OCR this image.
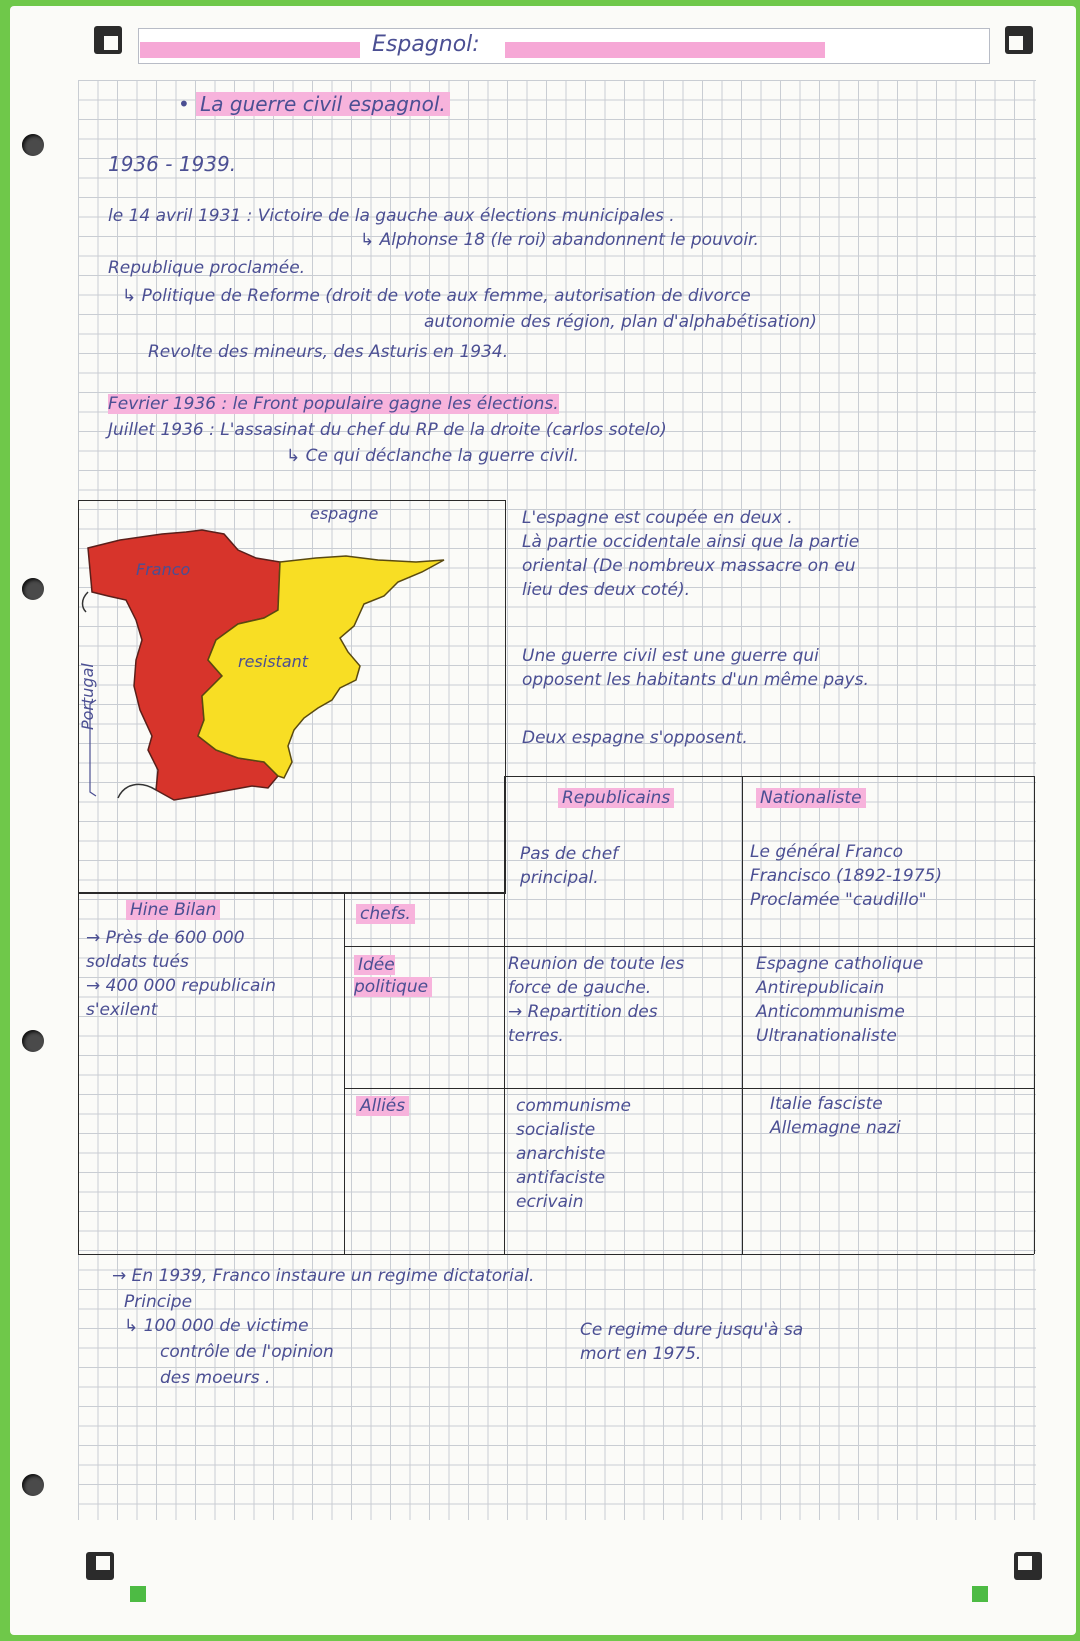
Espagnol:
• La guerre civil espagnol.
1936 - 1939.
le 14 avril 1931 : Victoire de la gauche aux élections municipales .
↳ Alphonse 18 (le roi) abandonnent le pouvoir.
Republique proclamée.
↳ Politique de Reforme (droit de vote aux femme, autorisation de divorce
autonomie des région, plan d'alphabétisation)
Revolte des mineurs, des Asturis en 1934.
Fevrier 1936 : le Front populaire gagne les élections.
Juillet 1936 : L'assasinat du chef du RP de la droite (carlos sotelo)
↳ Ce qui déclanche la guerre civil.
espagne
Franco
resistant
Portugal
L'espagne est coupée en deux .
Là partie occidentale ainsi que la partie
oriental (De nombreux massacre on eu
lieu des deux coté).
Une guerre civil est une guerre qui
opposent les habitants d'un même pays.
Deux espagne s'opposent.
Republicains	Nationaliste
chefs.
Idée politique
Alliés
Pas de chef
principal.
Le général Franco
Francisco (1892-1975)
Proclamée "caudillo"
Reunion de toute les
force de gauche.
→ Repartition des
terres.
Espagne catholique
Antirepublicain
Anticommunisme
Ultranationaliste
communisme
socialiste
anarchiste
antifaciste
ecrivain
Italie fasciste
Allemagne nazi
Hine Bilan
→ Près de 600 000
soldats tués
→ 400 000 republicain
s'exilent
→ En 1939, Franco instaure un regime dictatorial.
Principe
↳ 100 000 de victime
contrôle de l'opinion
des moeurs .
Ce regime dure jusqu'à sa
mort en 1975.
